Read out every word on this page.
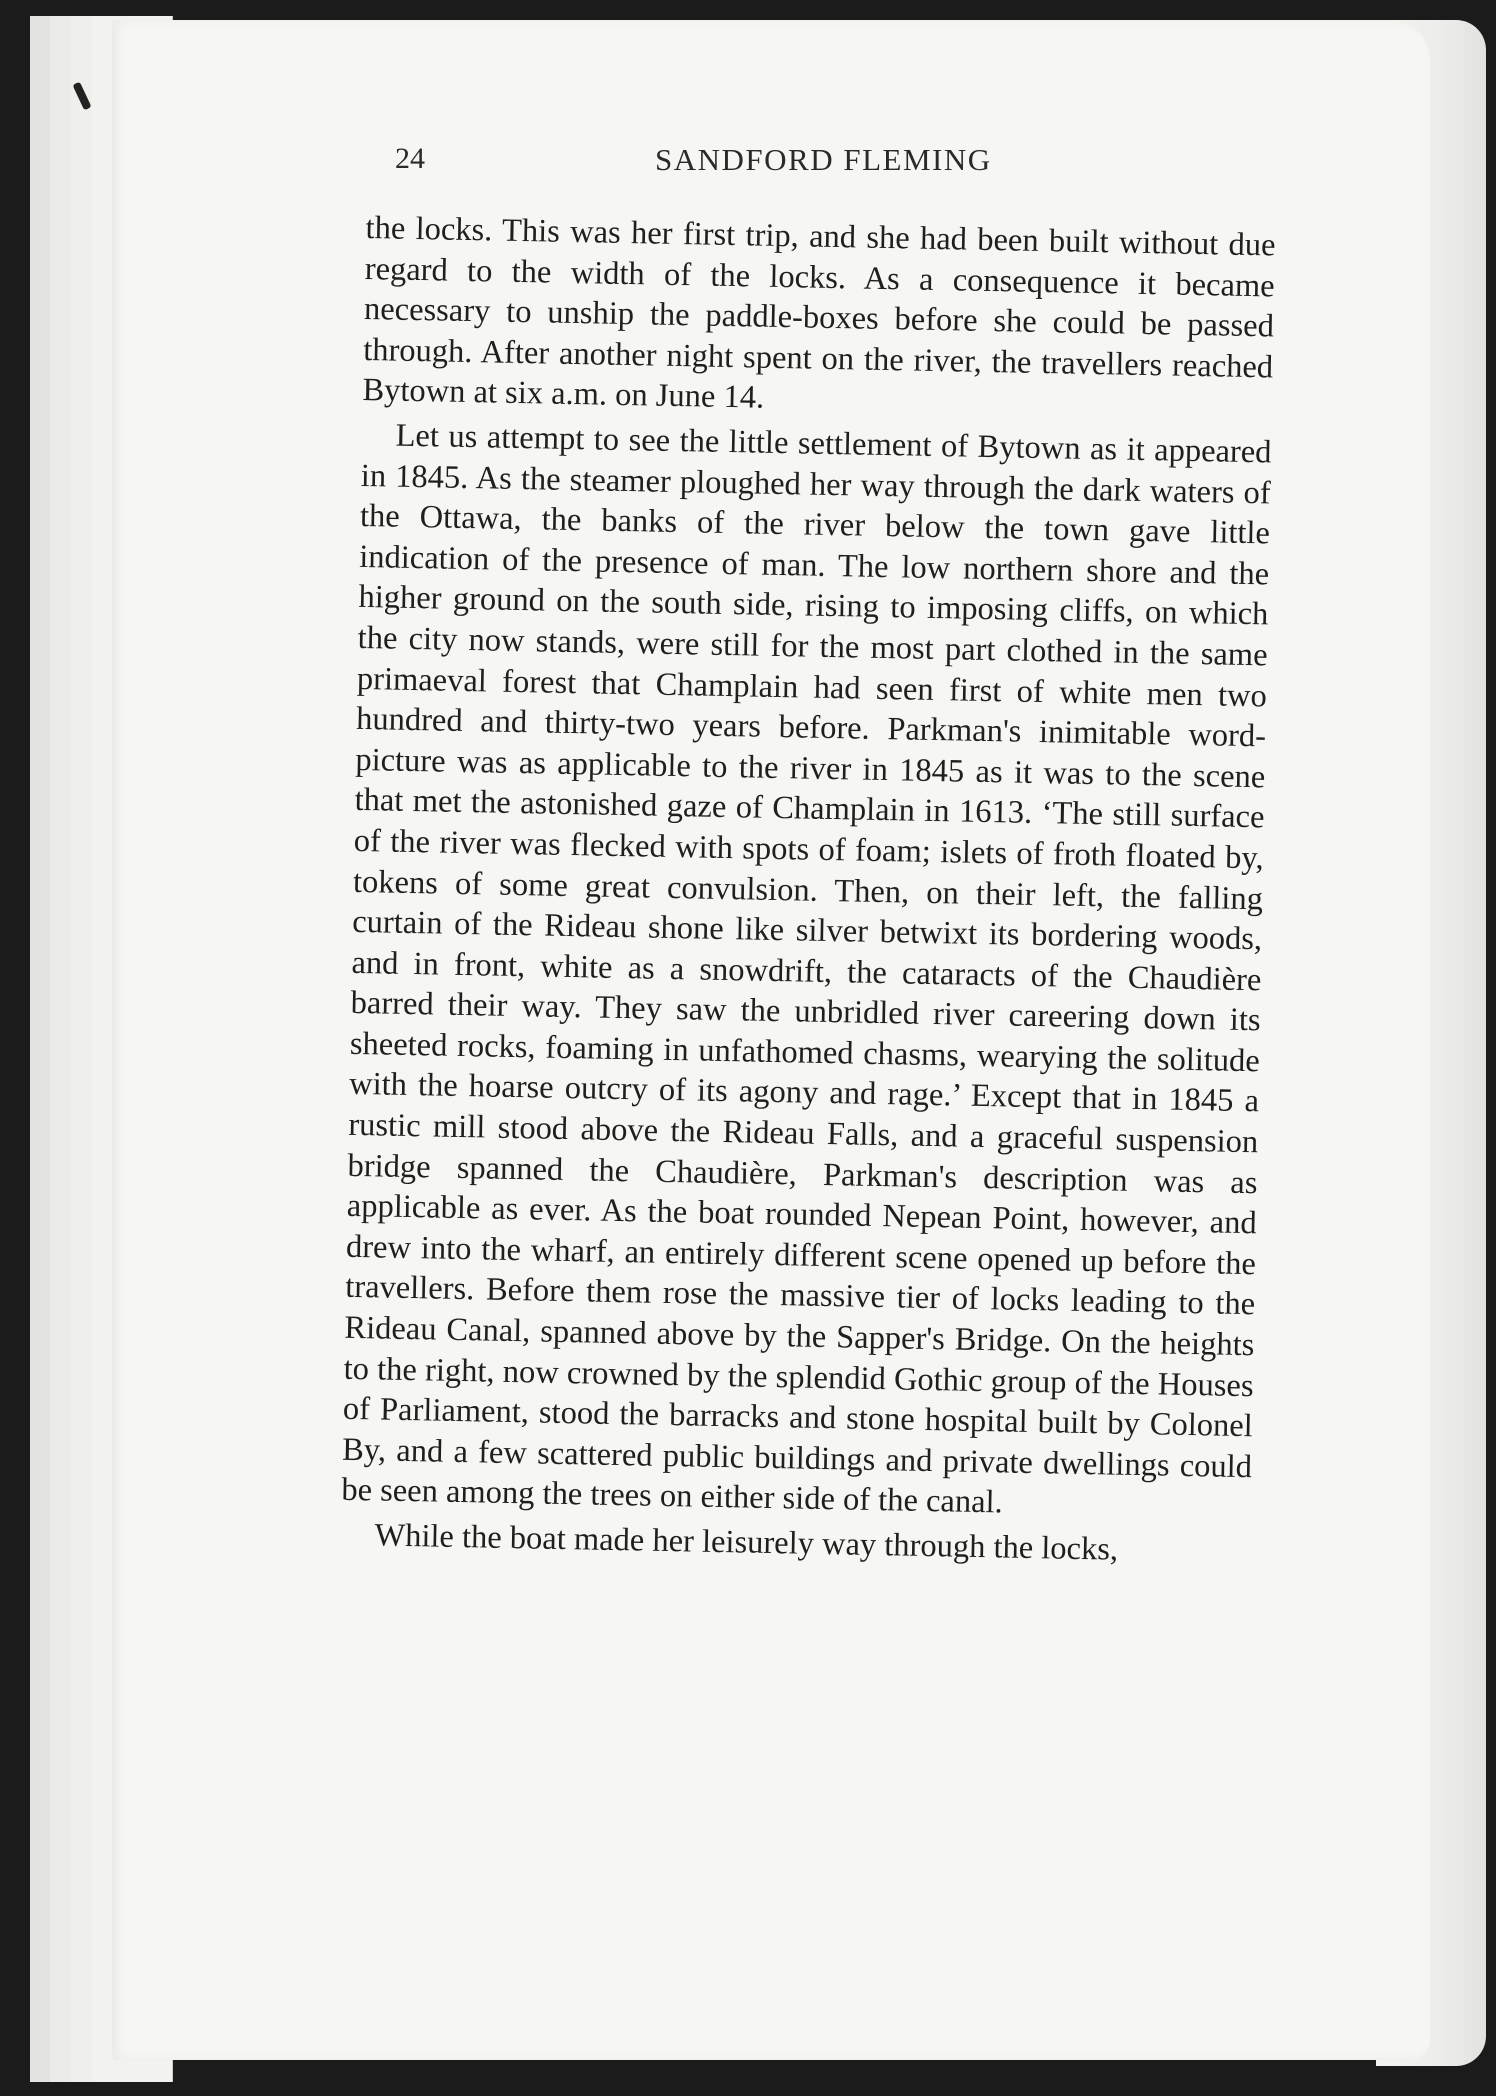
24	SANDFORD FLEMING

the locks. This was her first trip, and she had been built without due regard to the width of the locks. As a consequence it became necessary to unship the paddle-boxes before she could be passed through. After another night spent on the river, the travellers reached Bytown at six a.m. on June 14.

Let us attempt to see the little settlement of Bytown as it appeared in 1845. As the steamer ploughed her way through the dark waters of the Ottawa, the banks of the river below the town gave little indication of the presence of man. The low northern shore and the higher ground on the south side, rising to imposing cliffs, on which the city now stands, were still for the most part clothed in the same primaeval forest that Champlain had seen first of white men two hundred and thirty-two years before. Parkman's inimitable word-picture was as applicable to the river in 1845 as it was to the scene that met the astonished gaze of Champlain in 1613. ‘The still surface of the river was flecked with spots of foam; islets of froth floated by, tokens of some great convulsion. Then, on their left, the falling curtain of the Rideau shone like silver betwixt its bordering woods, and in front, white as a snowdrift, the cataracts of the Chaudière barred their way. They saw the unbridled river careering down its sheeted rocks, foaming in unfathomed chasms, wearying the solitude with the hoarse outcry of its agony and rage.’ Except that in 1845 a rustic mill stood above the Rideau Falls, and a graceful suspension bridge spanned the Chaudière, Parkman's description was as applicable as ever. As the boat rounded Nepean Point, however, and drew into the wharf, an entirely different scene opened up before the travellers. Before them rose the massive tier of locks leading to the Rideau Canal, spanned above by the Sapper's Bridge. On the heights to the right, now crowned by the splendid Gothic group of the Houses of Parliament, stood the barracks and stone hospital built by Colonel By, and a few scattered public buildings and private dwellings could be seen among the trees on either side of the canal.

While the boat made her leisurely way through the locks,
